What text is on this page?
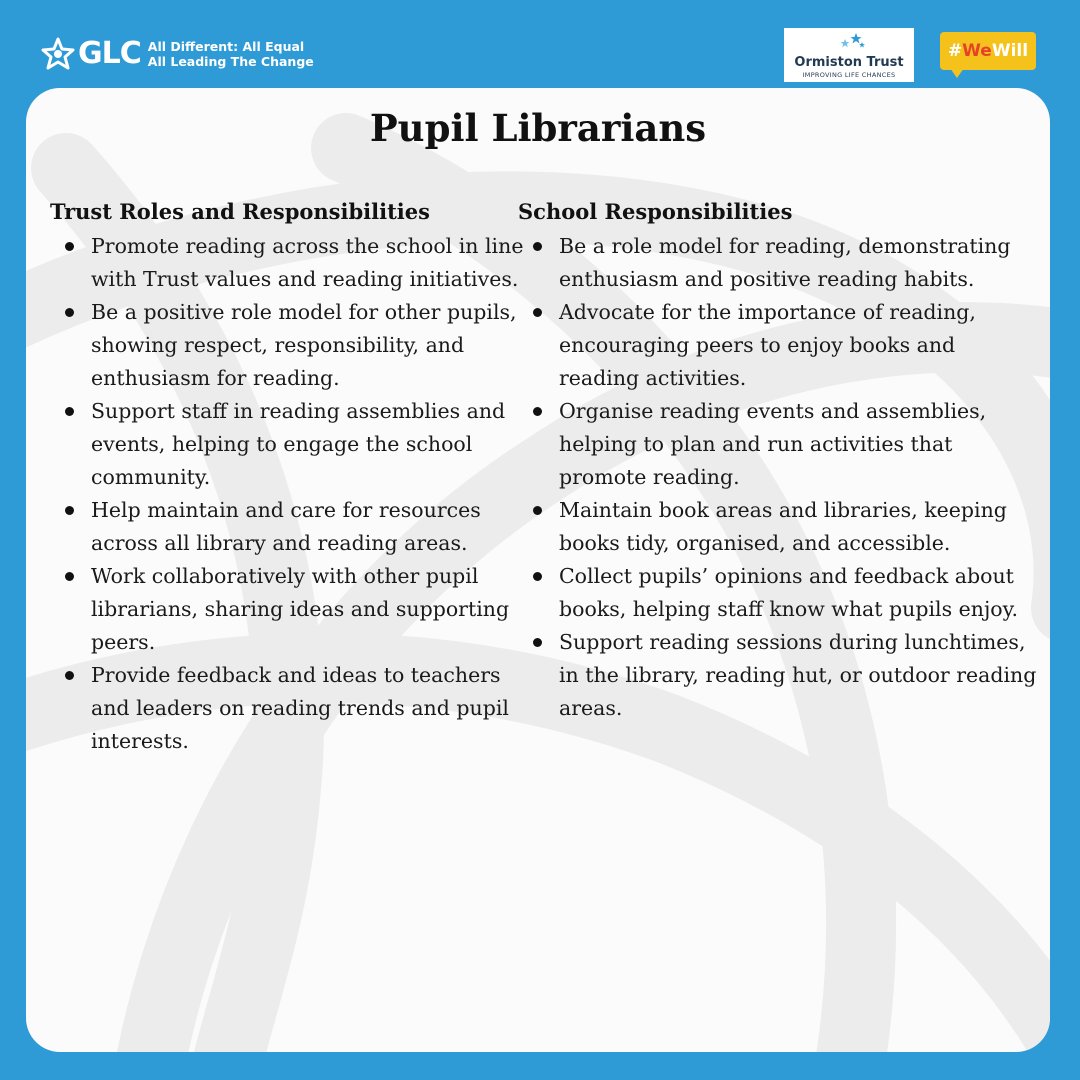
GLC All Different: All Equal
All Leading The Change	Ormiston Trust
IMPROVING LIFE CHANCES
#WeWill
Pupil Librarians
Trust Roles and Responsibilities
Promote reading across the school in line with Trust values and reading initiatives.
Be a positive role model for other pupils, showing respect, responsibility, and enthusiasm for reading.
Support staff in reading assemblies and events, helping to engage the school community.
Help maintain and care for resources across all library and reading areas.
Work collaboratively with other pupil librarians, sharing ideas and supporting peers.
Provide feedback and ideas to teachers and leaders on reading trends and pupil interests.
School Responsibilities
Be a role model for reading, demonstrating enthusiasm and positive reading habits.
Advocate for the importance of reading, encouraging peers to enjoy books and reading activities.
Organise reading events and assemblies, helping to plan and run activities that promote reading.
Maintain book areas and libraries, keeping books tidy, organised, and accessible.
Collect pupils’ opinions and feedback about books, helping staff know what pupils enjoy.
Support reading sessions during lunchtimes, in the library, reading hut, or outdoor reading areas.
